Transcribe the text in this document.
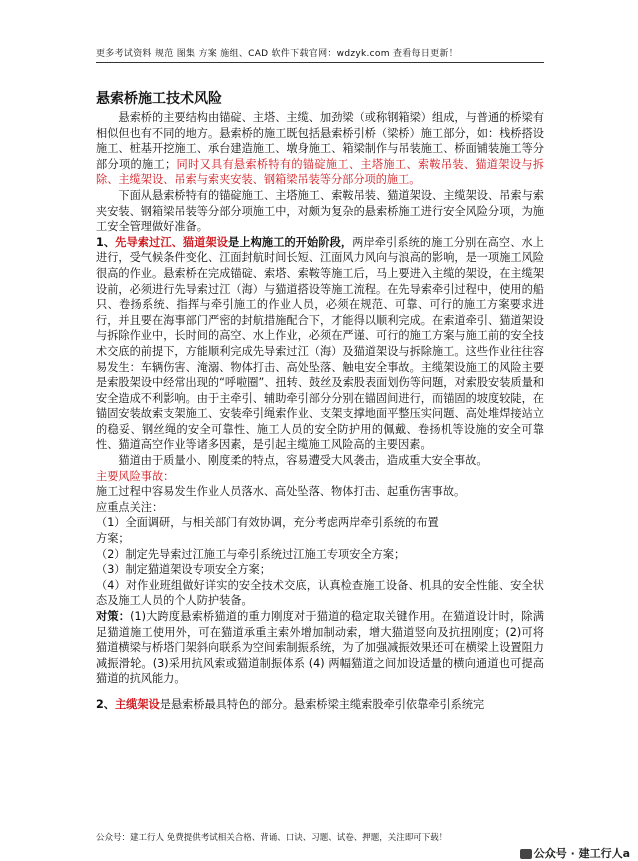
更多考试资料 规范 图集 方案 施组、CAD 软件下载官网：wdzyk.com 查看每日更新！
悬索桥施工技术风险

悬索桥的主要结构由锚碇、主塔、主缆、加劲梁（或称钢箱梁）组成，与普通的桥梁有相似但也有不同的地方。悬索桥的施工既包括悬索桥引桥（梁桥）施工部分，如：栈桥搭设施工、桩基开挖施工、承台建造施工、墩身施工、箱梁制作与吊装施工、桥面铺装施工等分部分项的施工；同时又具有悬索桥特有的锚碇施工、主塔施工、索鞍吊装、猫道架设与拆除、主缆架设、吊索与索夹安装、钢箱梁吊装等分部分项的施工。

下面从悬索桥特有的锚碇施工、主塔施工、索鞍吊装、猫道架设、主缆架设、吊索与索夹安装、钢箱梁吊装等分部分项施工中，对颇为复杂的悬索桥施工进行安全风险分项，为施工安全管理做好准备。

1、先导索过江、猫道架设是上构施工的开始阶段，两岸牵引系统的施工分别在高空、水上进行，受气候条件变化、江面封航时间长短、江面风力风向与浪高的影响，是一项施工风险很高的作业。悬索桥在完成锚碇、索塔、索鞍等施工后，马上要进入主缆的架设，在主缆架设前，必须进行先导索过江（海）与猫道搭设等施工流程。在先导索牵引过程中，使用的船只、卷扬系统、指挥与牵引施工的作业人员，必须在规范、可靠、可行的施工方案要求进行，并且要在海事部门严密的封航措施配合下，才能得以顺利完成。在索道牵引、猫道架设与拆除作业中，长时间的高空、水上作业，必须在严谨、可行的施工方案与施工前的安全技术交底的前提下，方能顺利完成先导索过江（海）及猫道架设与拆除施工。这些作业往往容易发生：车辆伤害、淹溺、物体打击、高处坠落、触电安全事故。主缆架设施工的风险主要是索股架设中经常出现的“呼啦圈”、扭转、鼓丝及索股表面划伤等问题，对索股安装质量和安全造成不利影响。由于主牵引、辅助牵引部分分别在锚固间进行，而锚固的坡度较陡，在锚固安装故索支架施工、安装牵引绳索作业、支架支撑地面平整压实问题、高处堆焊接站立的稳妥、钢丝绳的安全可靠性、施工人员的安全防护用的佩戴、卷扬机等设施的安全可靠性、猫道高空作业等诸多因素，是引起主缆施工风险高的主要因素。

猫道由于质量小、刚度柔的特点，容易遭受大风袭击，造成重大安全事故。

主要风险事故：

施工过程中容易发生作业人员落水、高处坠落、物体打击、起重伤害事故。

应重点关注：

（1）全面调研，与相关部门有效协调，充分考虑两岸牵引系统的布置

方案；

（2）制定先导索过江施工与牵引系统过江施工专项安全方案；

（3）制定猫道架设专项安全方案；

（4）对作业班组做好详实的安全技术交底，认真检查施工设备、机具的安全性能、安全状态及施工人员的个人防护装备。

对策：(1)大跨度悬索桥猫道的重力刚度对于猫道的稳定取关键作用。在猫道设计时，除满足猫道施工使用外，可在猫道承重主索外增加制动索，增大猫道竖向及抗扭刚度；(2)可将猫道横梁与桥塔门架斜向联系为空间索制振系统，为了加强减振效果还可在横梁上设置阻力减振滑轮。(3)采用抗风索或猫道制振体系 (4) 两幅猫道之间加设适量的横向通道也可提高猫道的抗风能力。

2、主缆架设是悬索桥最具特色的部分。悬索桥梁主缆索股牵引依靠牵引系统完

公众号：建工行人 免费提供考试相关合格、背诵、口诀、习题、试卷、押题，关注即可下载！
公众号 · 建工行人a
